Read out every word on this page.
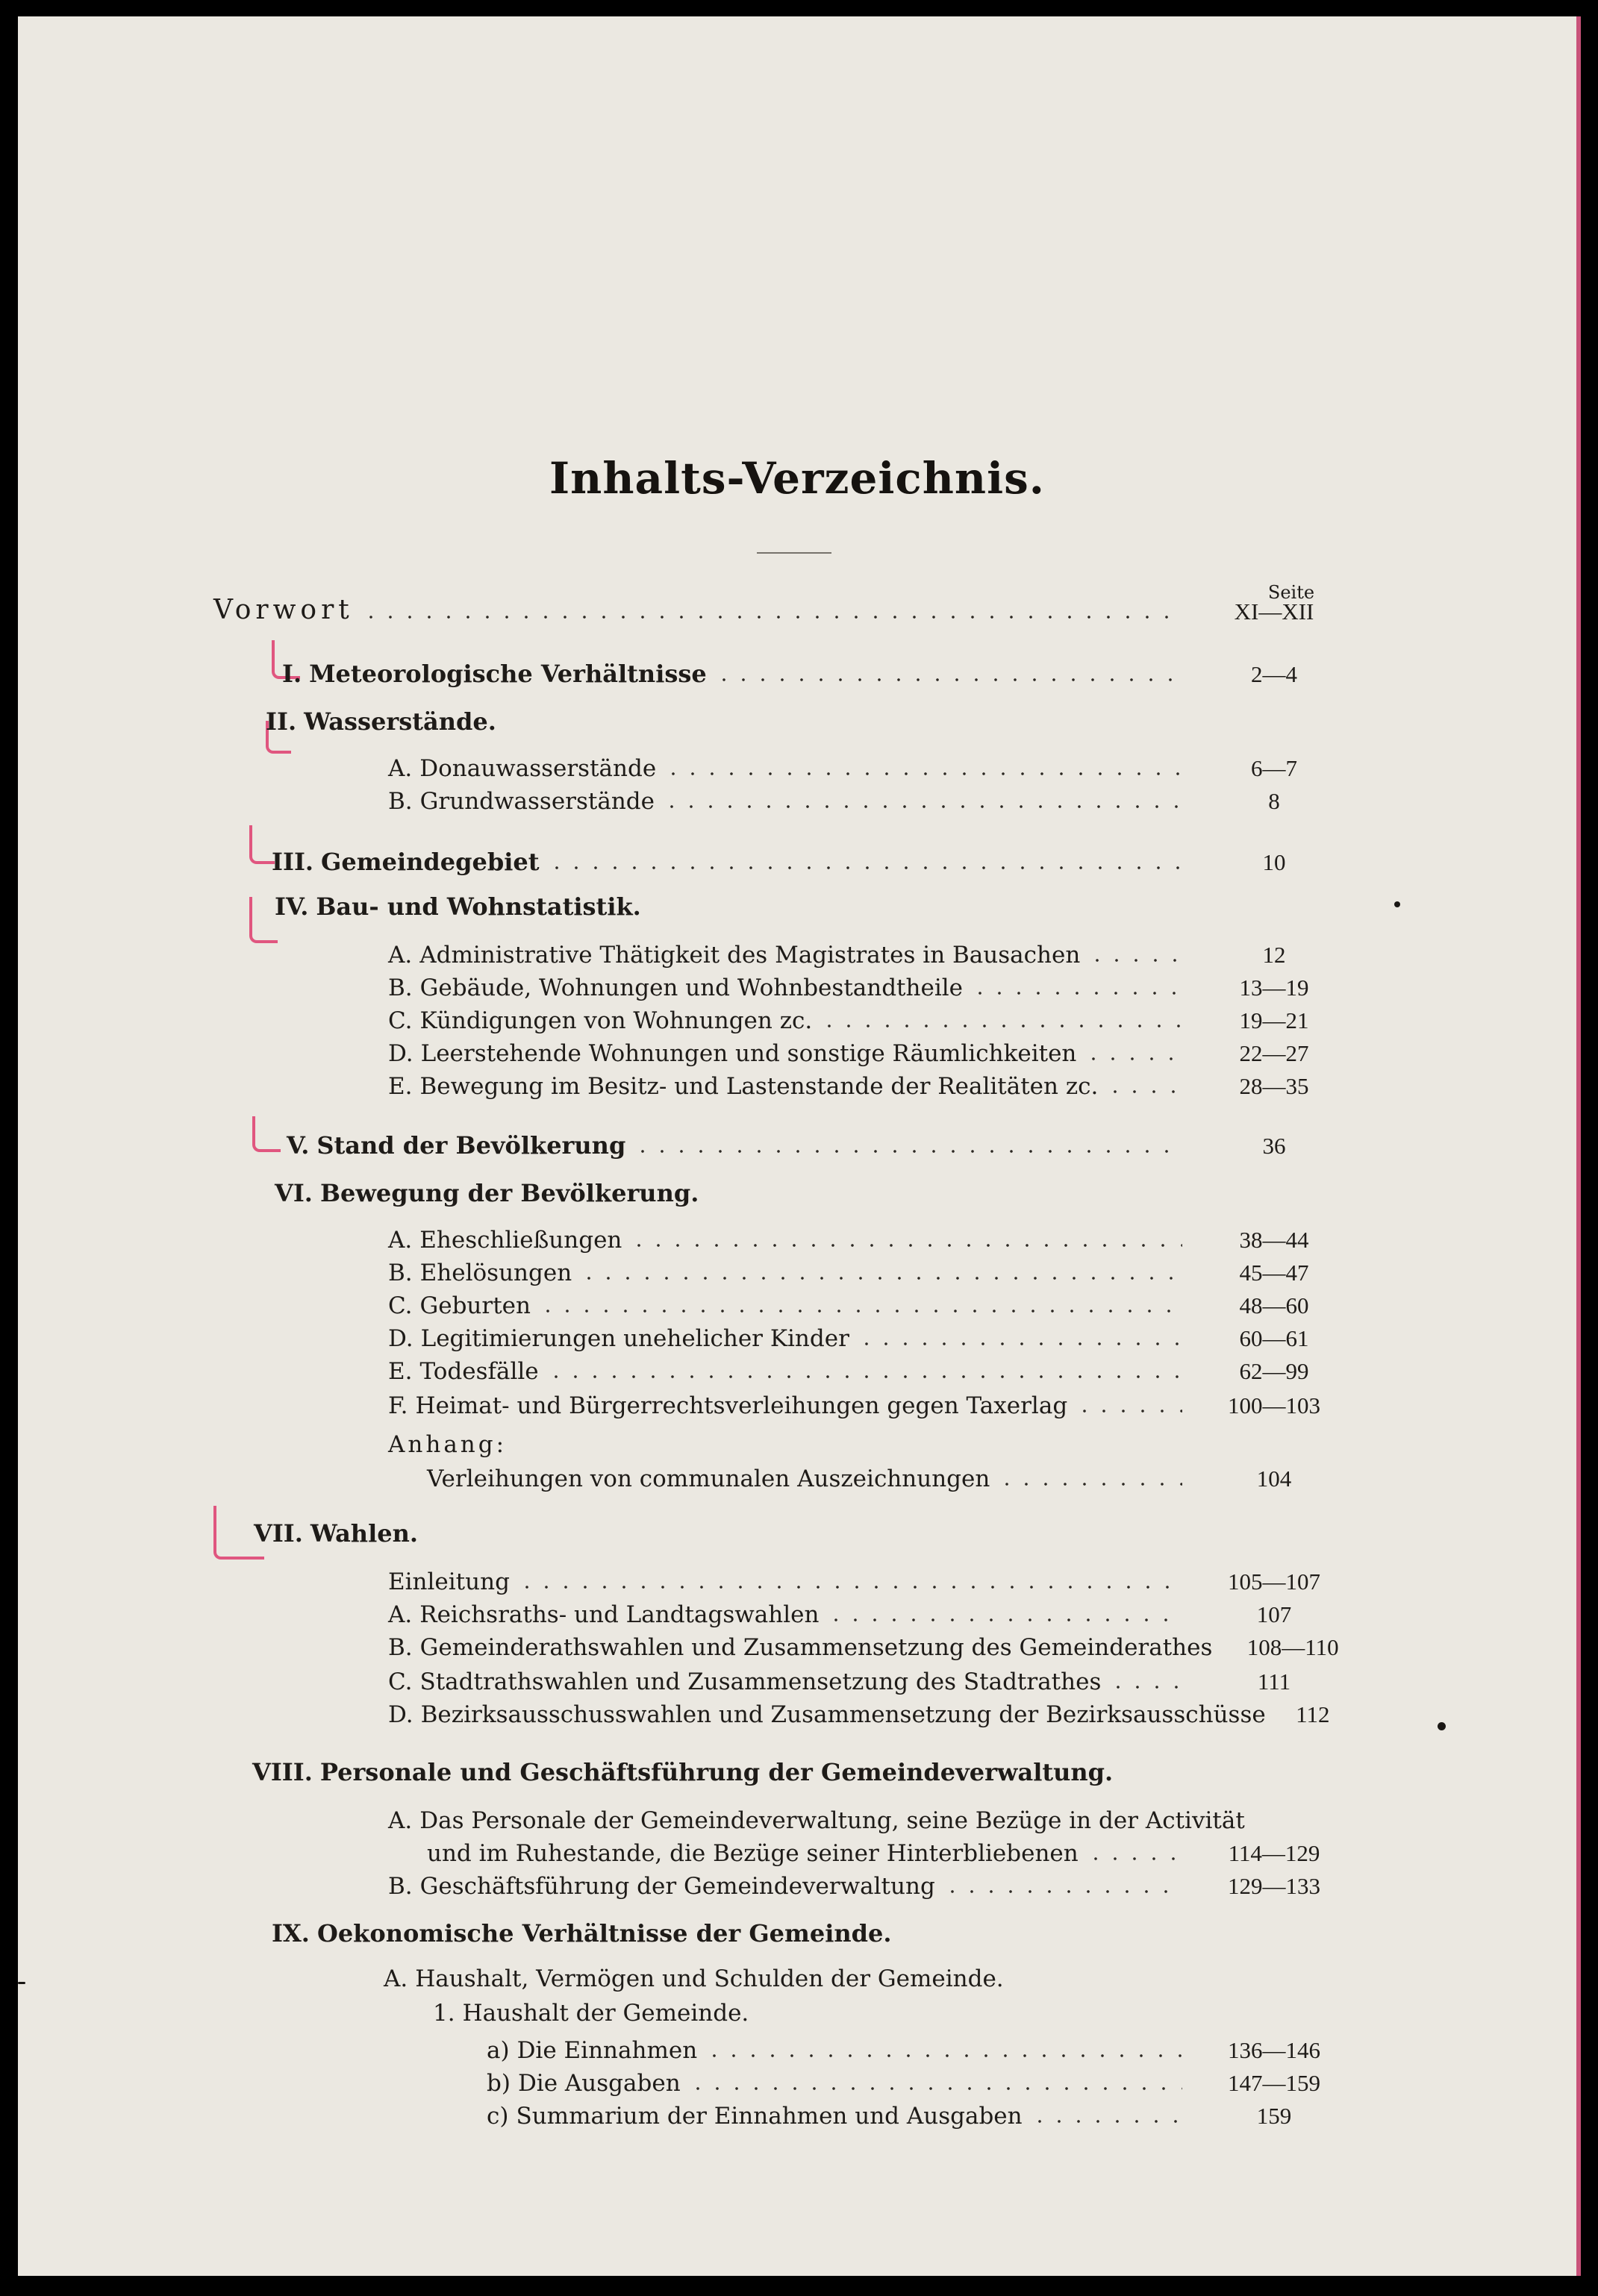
Inhalts-Verzeichnis.
Seite
Vorwort	XI—XII
I. Meteorologische Verhältnisse	2—4
II. Wasserstände.
A. Donauwasserstände	6—7
B. Grundwasserstände	8
III. Gemeindegebiet	10
IV. Bau- und Wohnstatistik.
A. Administrative Thätigkeit des Magistrates in Bausachen	12
B. Gebäude, Wohnungen und Wohnbestandtheile	13—19
C. Kündigungen von Wohnungen zc.	19—21
D. Leerstehende Wohnungen und sonstige Räumlichkeiten	22—27
E. Bewegung im Besitz- und Lastenstande der Realitäten zc.	28—35
V. Stand der Bevölkerung	36
VI. Bewegung der Bevölkerung.
A. Eheschließungen	38—44
B. Ehelösungen	45—47
C. Geburten	48—60
D. Legitimierungen unehelicher Kinder	60—61
E. Todesfälle	62—99
F. Heimat- und Bürgerrechtsverleihungen gegen Taxerlag	100—103
Anhang:
Verleihungen von communalen Auszeichnungen	104
VII. Wahlen.
Einleitung	105—107
A. Reichsraths- und Landtagswahlen	107
B. Gemeinderathswahlen und Zusammensetzung des Gemeinderathes	108—110
C. Stadtrathswahlen und Zusammensetzung des Stadtrathes	111
D. Bezirksausschusswahlen und Zusammensetzung der Bezirksausschüsse	112
VIII. Personale und Geschäftsführung der Gemeindeverwaltung.
A. Das Personale der Gemeindeverwaltung, seine Bezüge in der Activität
und im Ruhestande, die Bezüge seiner Hinterbliebenen	114—129
B. Geschäftsführung der Gemeindeverwaltung	129—133
IX. Oekonomische Verhältnisse der Gemeinde.
A. Haushalt, Vermögen und Schulden der Gemeinde.
1. Haushalt der Gemeinde.
a) Die Einnahmen	136—146
b) Die Ausgaben	147—159
c) Summarium der Einnahmen und Ausgaben	159
